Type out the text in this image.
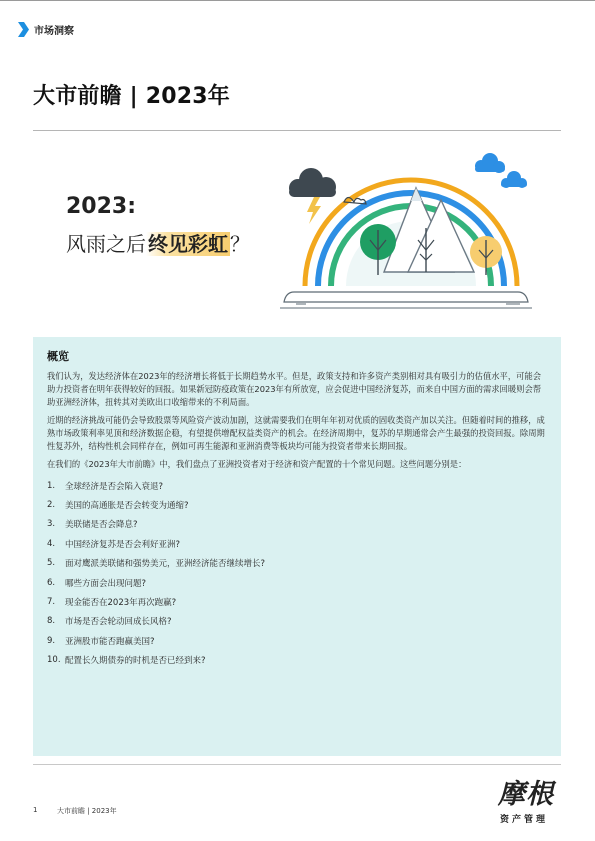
市场洞察
大市前瞻 | 2023年
2023:
风雨之后 终见彩虹 ？
概览

我们认为，发达经济体在2023年的经济增长将低于长期趋势水平。但是，政策支持和许多资产类别相对具有吸引力的估值水平，可能会助力投资者在明年获得较好的回报。如果新冠防疫政策在2023年有所放宽，应会促进中国经济复苏，而来自中国方面的需求回暖则会帮助亚洲经济体，扭转其对美欧出口收缩带来的不利局面。

近期的经济挑战可能仍会导致股票等风险资产波动加剧，这就需要我们在明年年初对优质的固收类资产加以关注。但随着时间的推移，成熟市场政策利率见顶和经济数据企稳，有望提供增配权益类资产的机会。在经济周期中，复苏的早期通常会产生最强的投资回报。除周期性复苏外，结构性机会同样存在，例如可再生能源和亚洲消费等板块均可能为投资者带来长期回报。

在我们的《2023年大市前瞻》中，我们盘点了亚洲投资者对于经济和资产配置的十个常见问题。这些问题分别是：

1.	全球经济是否会陷入衰退?
2.	美国的高通胀是否会转变为通缩?
3.	美联储是否会降息?
4.	中国经济复苏是否会利好亚洲?
5.	面对鹰派美联储和强势美元，亚洲经济能否继续增长?
6.	哪些方面会出现问题?
7.	现金能否在2023年再次跑赢?
8.	市场是否会轮动回成长风格?
9.	亚洲股市能否跑赢美国?
10. 配置长久期债券的时机是否已经到来?
1	大市前瞻 | 2023年
摩根
资产管理
